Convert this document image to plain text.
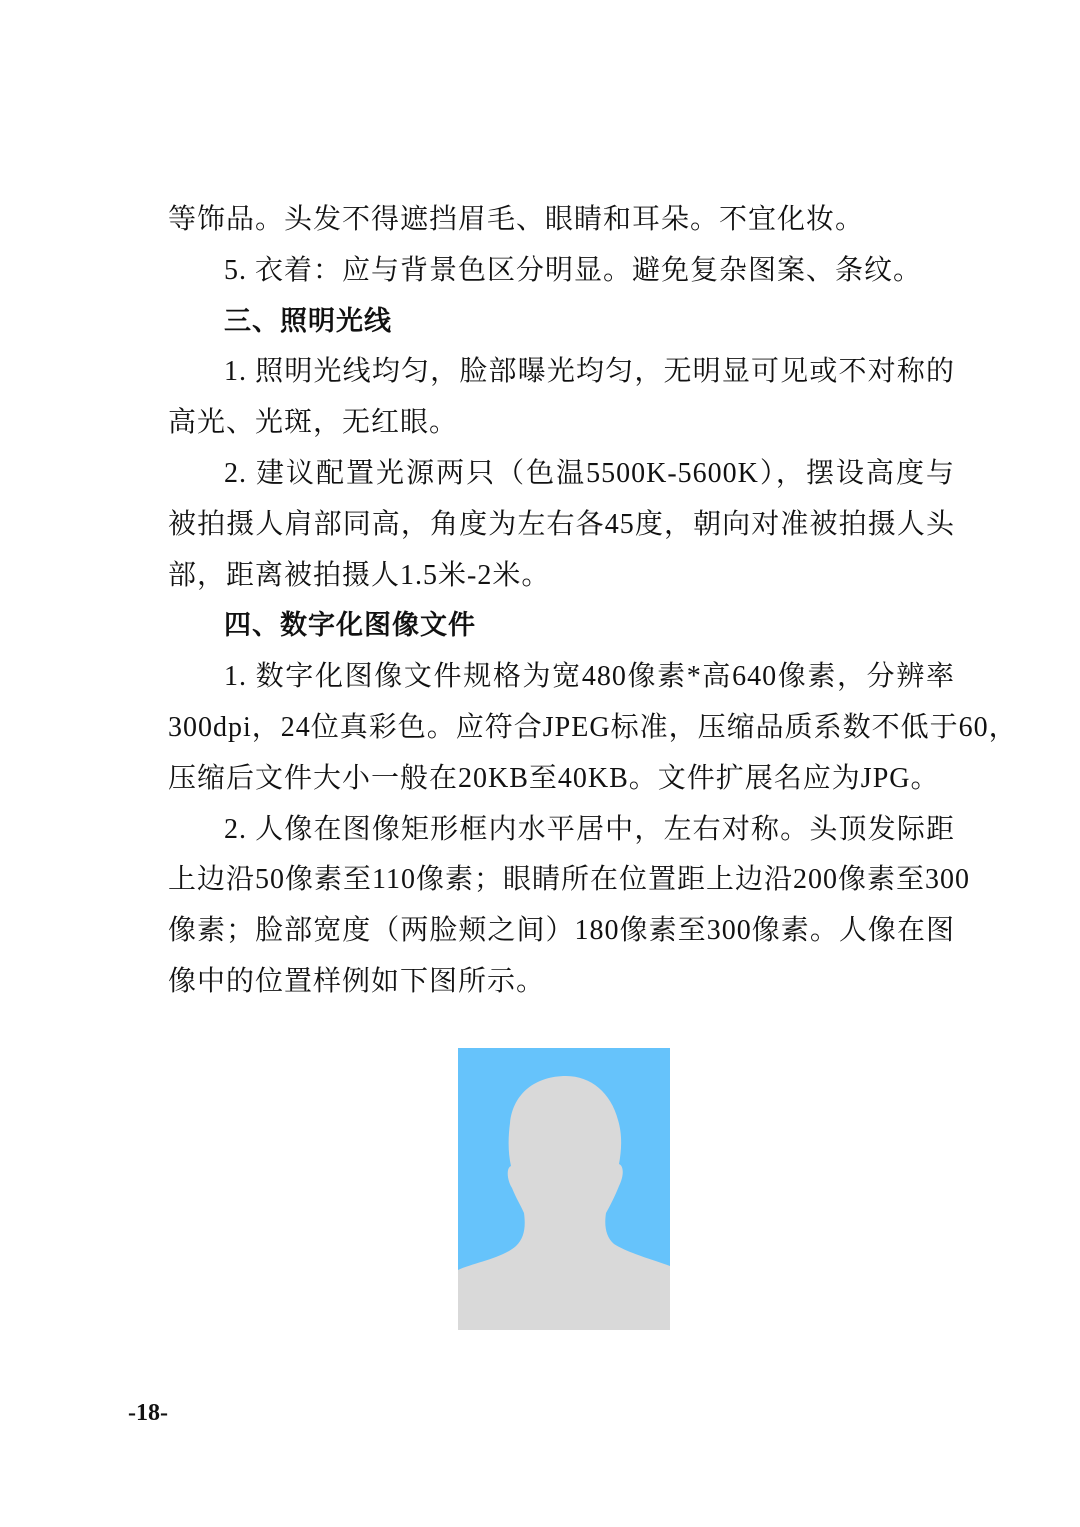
等饰品。头发不得遮挡眉毛、眼睛和耳朵。不宜化妆。
5. 衣着：应与背景色区分明显。避免复杂图案、条纹。
三、照明光线
1. 照明光线均匀，脸部曝光均匀，无明显可见或不对称的
高光、光斑，无红眼。
2. 建议配置光源两只（色温5500K-5600K），摆设高度与
被拍摄人肩部同高，角度为左右各45度，朝向对准被拍摄人头
部，距离被拍摄人1.5米-2米。
四、数字化图像文件
1. 数字化图像文件规格为宽480像素*高640像素，分辨率
300dpi，24位真彩色。应符合JPEG标准，压缩品质系数不低于60，
压缩后文件大小一般在20KB至40KB。文件扩展名应为JPG。
2. 人像在图像矩形框内水平居中，左右对称。头顶发际距
上边沿50像素至110像素；眼睛所在位置距上边沿200像素至300
像素；脸部宽度（两脸颊之间）180像素至300像素。人像在图
像中的位置样例如下图所示。
-18-
